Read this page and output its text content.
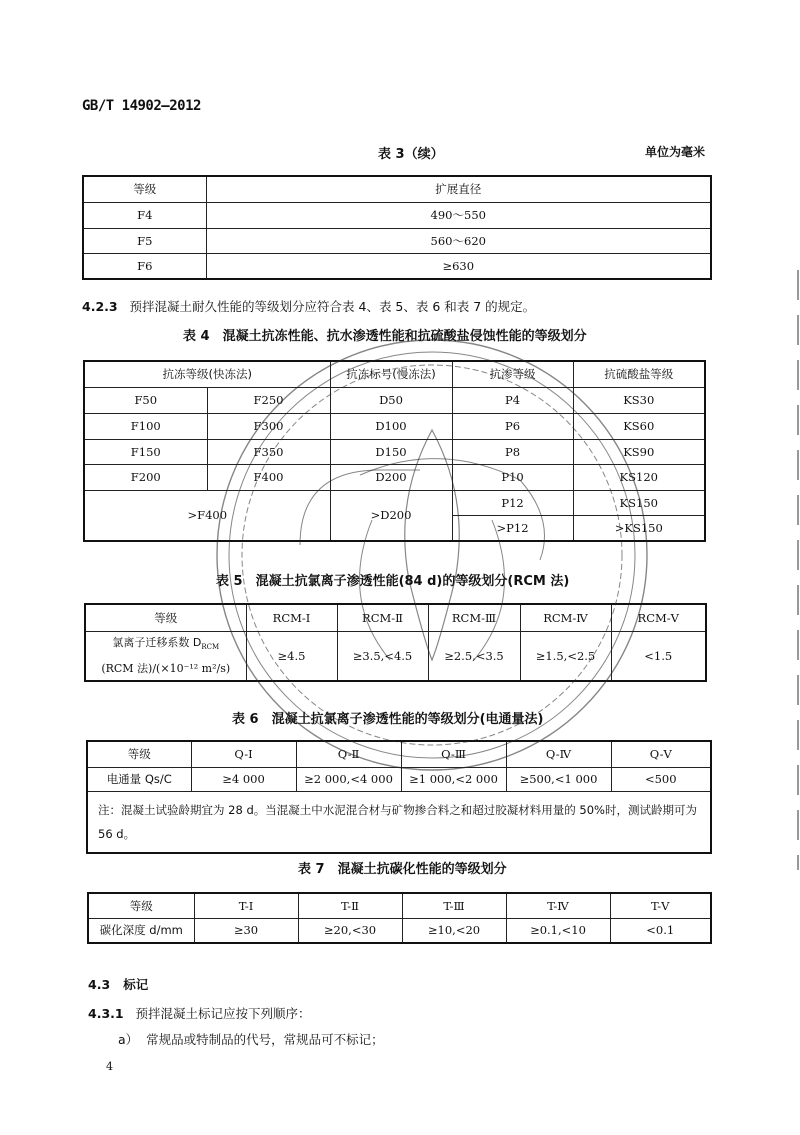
GB/T 14902—2012
表 3（续）	单位为毫米
等级	扩展直径
F4	490～550
F5	560～620
F6	≥630
4.2.3 预拌混凝土耐久性能的等级划分应符合表 4、表 5、表 6 和表 7 的规定。
表 4　混凝土抗冻性能、抗水渗透性能和抗硫酸盐侵蚀性能的等级划分
抗冻等级(快冻法)		抗冻标号(慢冻法)	抗渗等级	抗硫酸盐等级
F50	F250	D50	P4	KS30
F100	F300	D100	P6	KS60
F150	F350	D150	P8	KS90
F200	F400	D200	P10	KS120
>F400		>D200	P12	KS150
			>P12	>KS150
表 5　混凝土抗氯离子渗透性能(84 d)的等级划分(RCM 法)
等级	RCM-Ⅰ	RCM-Ⅱ	RCM-Ⅲ	RCM-Ⅳ	RCM-Ⅴ

氯离子迁移系数 $D_{RCM}$
(RCM 法)/(×10⁻¹² m²/s)	≥4.5	≥3.5,<4.5	≥2.5,<3.5	≥1.5,<2.5	<1.5
表 6　混凝土抗氯离子渗透性能的等级划分(电通量法)
等级	Q-Ⅰ	Q-Ⅱ	Q-Ⅲ	Q-Ⅳ	Q-Ⅴ
电通量 Qs/C	≥4 000	≥2 000,<4 000	≥1 000,<2 000	≥500,<1 000	<500
注：混凝土试验龄期宜为 28 d。当混凝土中水泥混合材与矿物掺合料之和超过胶凝材料用量的 50%时，测试龄期可为 56 d。					
表 7　混凝土抗碳化性能的等级划分
等级	T-Ⅰ	T-Ⅱ	T-Ⅲ	T-Ⅳ	T-Ⅴ
碳化深度 d/mm	≥30	≥20,<30	≥10,<20	≥0.1,<10	<0.1
4.3 标记
4.3.1 预拌混凝土标记应按下列顺序：
a） 常规品或特制品的代号，常规品可不标记；
4
